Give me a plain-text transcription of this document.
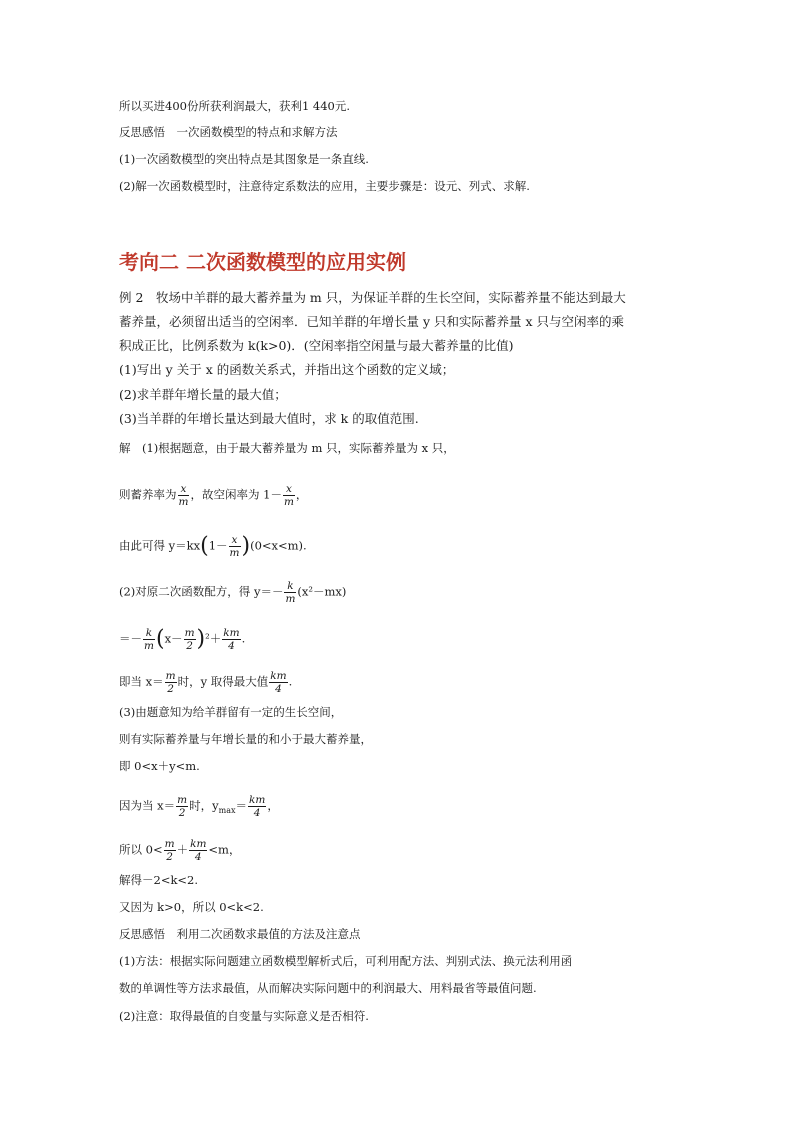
所以买进400份所获利润最大，获利1 440元.
反思感悟　一次函数模型的特点和求解方法
(1)一次函数模型的突出特点是其图象是一条直线.
(2)解一次函数模型时，注意待定系数法的应用，主要步骤是：设元、列式、求解.
考向二 二次函数模型的应用实例
例 2　 牧场中羊群的最大蓄养量为 m 只，为保证羊群的生长空间，实际蓄养量不能达到最大
蓄养量，必须留出适当的空闲率．已知羊群的年增长量 y 只和实际蓄养量 x 只与空闲率的乘
积成正比，比例系数为 k(k>0)．(空闲率指空闲量与最大蓄养量的比值)
(1)写出 y 关于 x 的函数关系式，并指出这个函数的定义域；
(2)求羊群年增长量的最大值；
(3)当羊群的年增长量达到最大值时，求 k 的取值范围.
解　(1)根据题意，由于最大蓄养量为 m 只，实际蓄养量为 x 只，
则蓄养率为 $\frac{x}{m}$ ，故空闲率为 $1- \frac{x}{m}$ ，
由此可得 $y=kx(1- \frac{x}{m} )(0<x<m)$.
(2)对原二次函数配方，得 $y=- \frac{k}{m} (x^2-mx)$
＝－ $\frac{k}{m} (x- \frac{m}{2} )^2+ \frac{km}{4}$ .
即当 $x= \frac{m}{2}$ 时，y 取得最大值 $\frac{km}{4}$ .
(3)由题意知为给羊群留有一定的生长空间，
则有实际蓄养量与年增长量的和小于最大蓄养量，
即 0<x＋y<m.
因为当 $x= \frac{m}{2}$ 时，$y_{max}= \frac{km}{4}$ ，
所以 $0< \frac{m}{2} + \frac{km}{4} <m$，
解得－2<k<2.
又因为 k>0，所以 0<k<2.
反思感悟　利用二次函数求最值的方法及注意点
(1)方法：根据实际问题建立函数模型解析式后，可利用配方法、判别式法、换元法利用函
数的单调性等方法求最值，从而解决实际问题中的利润最大、用料最省等最值问题.
(2)注意：取得最值的自变量与实际意义是否相符.
